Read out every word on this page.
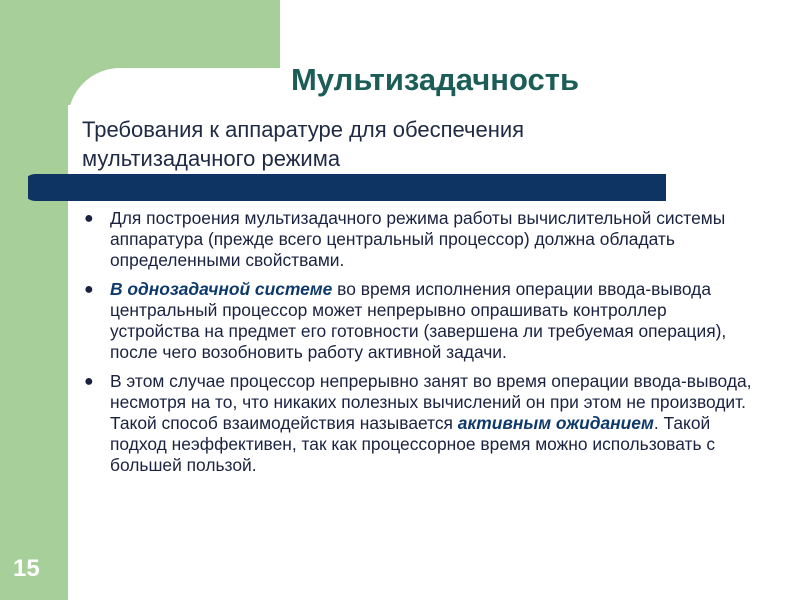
Мультизадачность
Требования к аппаратуре для обеспечения
мультизадачного режима
● Для построения мультизадачного режима работы вычислительной системы аппаратура (прежде всего центральный процессор) должна обладать определенными свойствами.
● В однозадачной системе во время исполнения операции ввода-вывода центральный процессор может непрерывно опрашивать контроллер устройства на предмет его готовности (завершена ли требуемая операция), после чего возобновить работу активной задачи.
● В этом случае процессор непрерывно занят во время операции ввода-вывода, несмотря на то, что никаких полезных вычислений он при этом не производит. Такой способ взаимодействия называется активным ожиданием. Такой подход неэффективен, так как процессорное время можно использовать с большей пользой.
15
